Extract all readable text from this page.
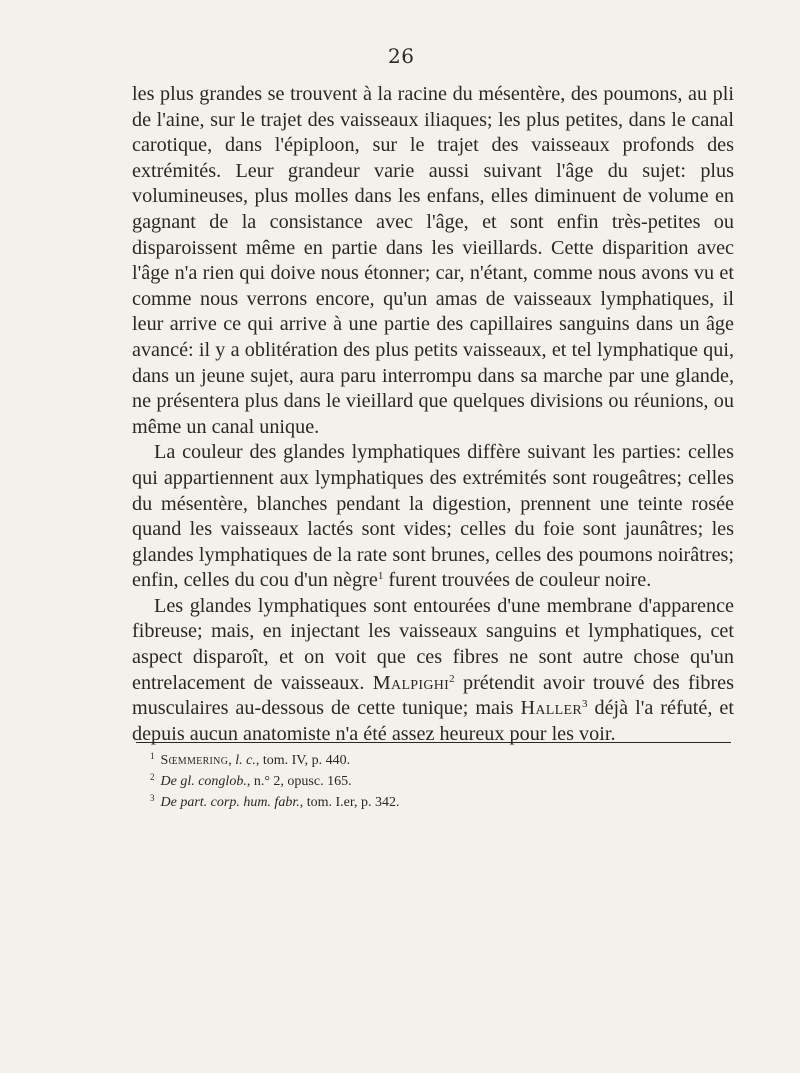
26

les plus grandes se trouvent à la racine du mésentère, des poumons, au pli de l'aine, sur le trajet des vaisseaux iliaques; les plus petites, dans le canal carotique, dans l'épiploon, sur le trajet des vaisseaux profonds des extrémités. Leur grandeur varie aussi suivant l'âge du sujet: plus volumineuses, plus molles dans les enfans, elles diminuent de volume en gagnant de la consistance avec l'âge, et sont enfin très-petites ou disparoissent même en partie dans les vieillards. Cette disparition avec l'âge n'a rien qui doive nous étonner; car, n'étant, comme nous avons vu et comme nous verrons encore, qu'un amas de vaisseaux lymphatiques, il leur arrive ce qui arrive à une partie des capillaires sanguins dans un âge avancé: il y a oblitération des plus petits vaisseaux, et tel lymphatique qui, dans un jeune sujet, aura paru interrompu dans sa marche par une glande, ne présentera plus dans le vieillard que quelques divisions ou réunions, ou même un canal unique.

La couleur des glandes lymphatiques diffère suivant les parties: celles qui appartiennent aux lymphatiques des extrémités sont rougeâtres; celles du mésentère, blanches pendant la digestion, prennent une teinte rosée quand les vaisseaux lactés sont vides; celles du foie sont jaunâtres; les glandes lymphatiques de la rate sont brunes, celles des poumons noirâtres; enfin, celles du cou d'un nègre$^1$ furent trouvées de couleur noire.

Les glandes lymphatiques sont entourées d'une membrane d'apparence fibreuse; mais, en injectant les vaisseaux sanguins et lymphatiques, cet aspect disparoît, et on voit que ces fibres ne sont autre chose qu'un entrelacement de vaisseaux. Malpighi$^2$ prétendit avoir trouvé des fibres musculaires au-dessous de cette tunique; mais Haller$^3$ déjà l'a réfuté, et depuis aucun anatomiste n'a été assez heureux pour les voir.

$^1$ Sœmmering, l. c., tom. IV, p. 440.
$^2$ De gl. conglob., n.° 2, opusc. 165.
$^3$ De part. corp. hum. fabr., tom. I.er, p. 342.
